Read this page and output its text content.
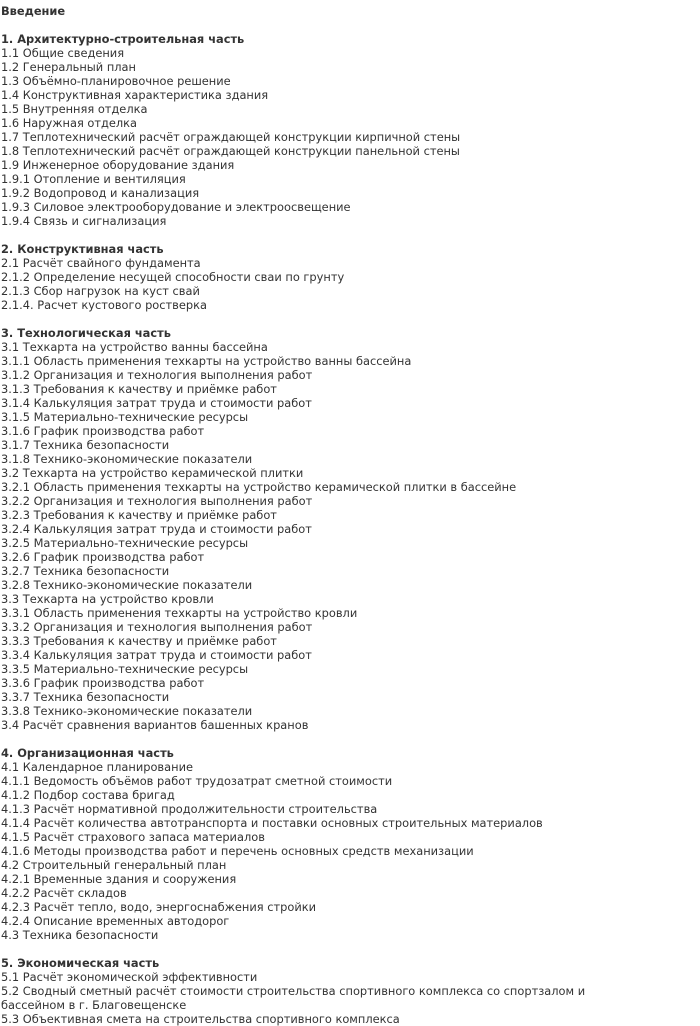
Введение
1. Архитектурно-строительная часть
1.1 Общие сведения
1.2 Генеральный план
1.3 Объёмно-планировочное решение
1.4 Конструктивная характеристика здания
1.5 Внутренняя отделка
1.6 Наружная отделка
1.7 Теплотехнический расчёт ограждающей конструкции кирпичной стены
1.8 Теплотехнический расчёт ограждающей конструкции панельной стены
1.9 Инженерное оборудование здания
1.9.1 Отопление и вентиляция
1.9.2 Водопровод и канализация
1.9.3 Силовое электрооборудование и электроосвещение
1.9.4 Связь и сигнализация
2. Конструктивная часть
2.1 Расчёт свайного фундамента
2.1.2 Определение несущей способности сваи по грунту
2.1.3 Сбор нагрузок на куст свай
2.1.4. Расчет кустового ростверка
3. Технологическая часть
3.1 Техкарта на устройство ванны бассейна
3.1.1 Область применения техкарты на устройство ванны бассейна
3.1.2 Организация и технология выполнения работ
3.1.3 Требования к качеству и приёмке работ
3.1.4 Калькуляция затрат труда и стоимости работ
3.1.5 Материально-технические ресурсы
3.1.6 График производства работ
3.1.7 Техника безопасности
3.1.8 Технико-экономические показатели
3.2 Техкарта на устройство керамической плитки
3.2.1 Область применения техкарты на устройство керамической плитки в бассейне
3.2.2 Организация и технология выполнения работ
3.2.3 Требования к качеству и приёмке работ
3.2.4 Калькуляция затрат труда и стоимости работ
3.2.5 Материально-технические ресурсы
3.2.6 График производства работ
3.2.7 Техника безопасности
3.2.8 Технико-экономические показатели
3.3 Техкарта на устройство кровли
3.3.1 Область применения техкарты на устройство кровли
3.3.2 Организация и технология выполнения работ
3.3.3 Требования к качеству и приёмке работ
3.3.4 Калькуляция затрат труда и стоимости работ
3.3.5 Материально-технические ресурсы
3.3.6 График производства работ
3.3.7 Техника безопасности
3.3.8 Технико-экономические показатели
3.4 Расчёт сравнения вариантов башенных кранов
4. Организационная часть
4.1 Календарное планирование
4.1.1 Ведомость объёмов работ трудозатрат сметной стоимости
4.1.2 Подбор состава бригад
4.1.3 Расчёт нормативной продолжительности строительства
4.1.4 Расчёт количества автотранспорта и поставки основных строительных материалов
4.1.5 Расчёт страхового запаса материалов
4.1.6 Методы производства работ и перечень основных средств механизации
4.2 Строительный генеральный план
4.2.1 Временные здания и сооружения
4.2.2 Расчёт складов
4.2.3 Расчёт тепло, водо, энергоснабжения стройки
4.2.4 Описание временных автодорог
4.3 Техника безопасности
5. Экономическая часть
5.1 Расчёт экономической эффективности
5.2 Сводный сметный расчёт стоимости строительства спортивного комплекса со спортзалом и бассейном в г. Благовещенске
5.3 Объективная смета на строительства спортивного комплекса
